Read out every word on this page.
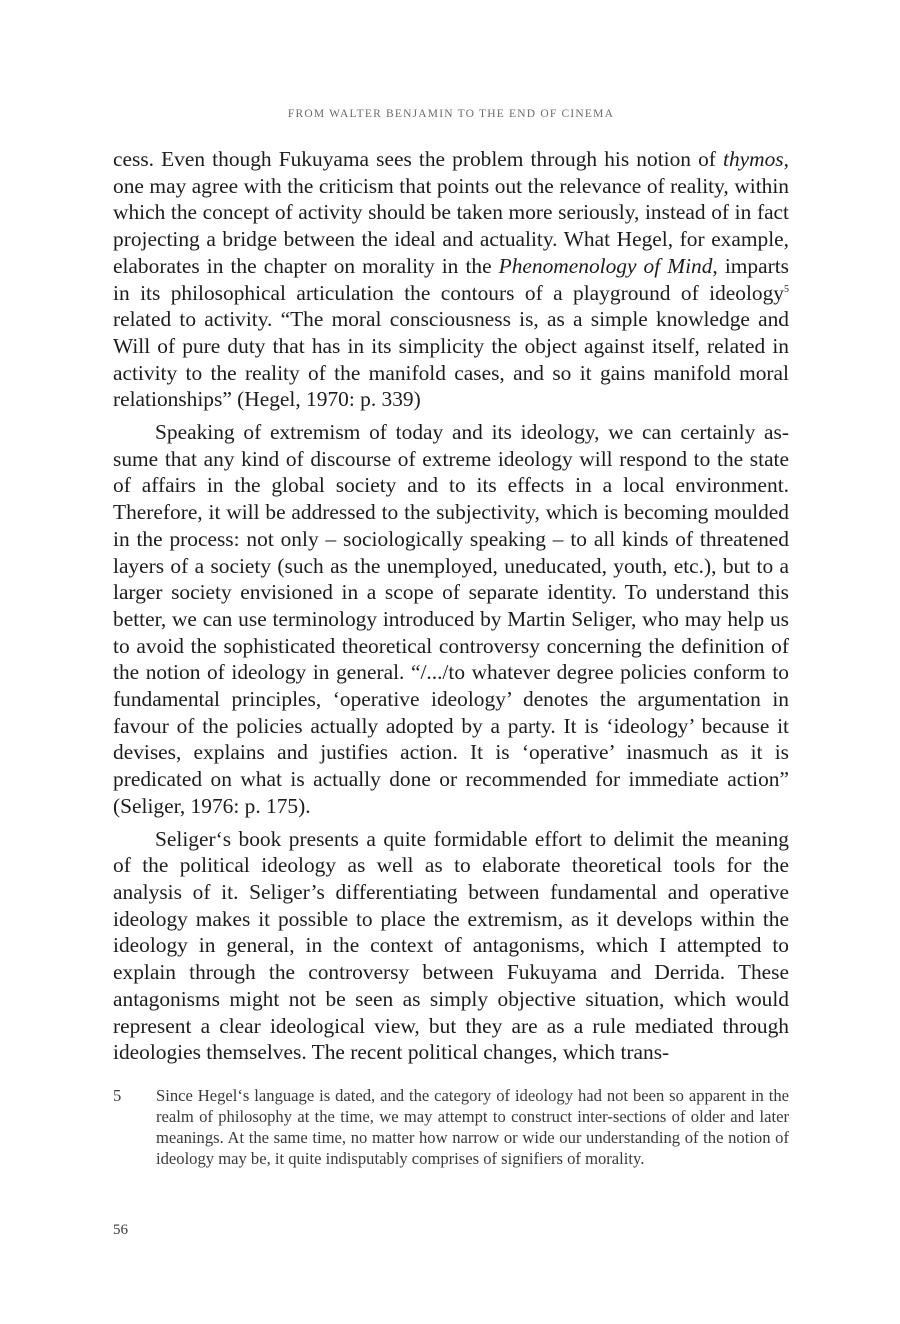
FROM WALTER BENJAMIN TO THE END OF CINEMA

cess. Even though Fukuyama sees the problem through his notion of thymos, one may agree with the criticism that points out the relevance of reality, within which the concept of activity should be taken more seriously, instead of in fact projecting a bridge between the ideal and actuality. What Hegel, for example, elaborates in the chapter on morality in the Phenomenology of Mind, imparts in its philosophical articulation the contours of a playground of ideology$^5$ related to activity. “The moral consciousness is, as a simple knowledge and Will of pure duty that has in its simplicity the object against itself, related in activity to the reality of the manifold cases, and so it gains manifold moral relationships” (Hegel, 1970: p. 339)

Speaking of extremism of today and its ideology, we can certainly assume that any kind of discourse of extreme ideology will respond to the state of affairs in the global society and to its effects in a local environment. Therefore, it will be addressed to the subjectivity, which is becoming moulded in the process: not only – sociologically speaking – to all kinds of threatened layers of a society (such as the unemployed, uneducated, youth, etc.), but to a larger society envisioned in a scope of separate identity. To understand this better, we can use terminology introduced by Martin Seliger, who may help us to avoid the sophisticated theoretical controversy concerning the definition of the notion of ideology in general. “/.../to whatever degree policies conform to fundamental principles, ‘operative ideology’ denotes the argumentation in favour of the policies actually adopted by a party. It is ‘ideology’ because it devises, explains and justifies action. It is ‘operative’ inasmuch as it is predicated on what is actually done or recommended for immediate action” (Seliger, 1976: p. 175).

Seliger‘s book presents a quite formidable effort to delimit the meaning of the political ideology as well as to elaborate theoretical tools for the analysis of it. Seliger’s differentiating between fundamental and operative ideology makes it possible to place the extremism, as it develops within the ideology in general, in the context of antagonisms, which I attempted to explain through the controversy between Fukuyama and Derrida. These antagonisms might not be seen as simply objective situation, which would represent a clear ideological view, but they are as a rule mediated through ideologies themselves. The recent political changes, which trans-

5	Since Hegel‘s language is dated, and the category of ideology had not been so apparent in the realm of philosophy at the time, we may attempt to construct inter-sections of older and later meanings. At the same time, no matter how narrow or wide our understanding of the notion of ideology may be, it quite indisputably comprises of signifiers of morality.
56
